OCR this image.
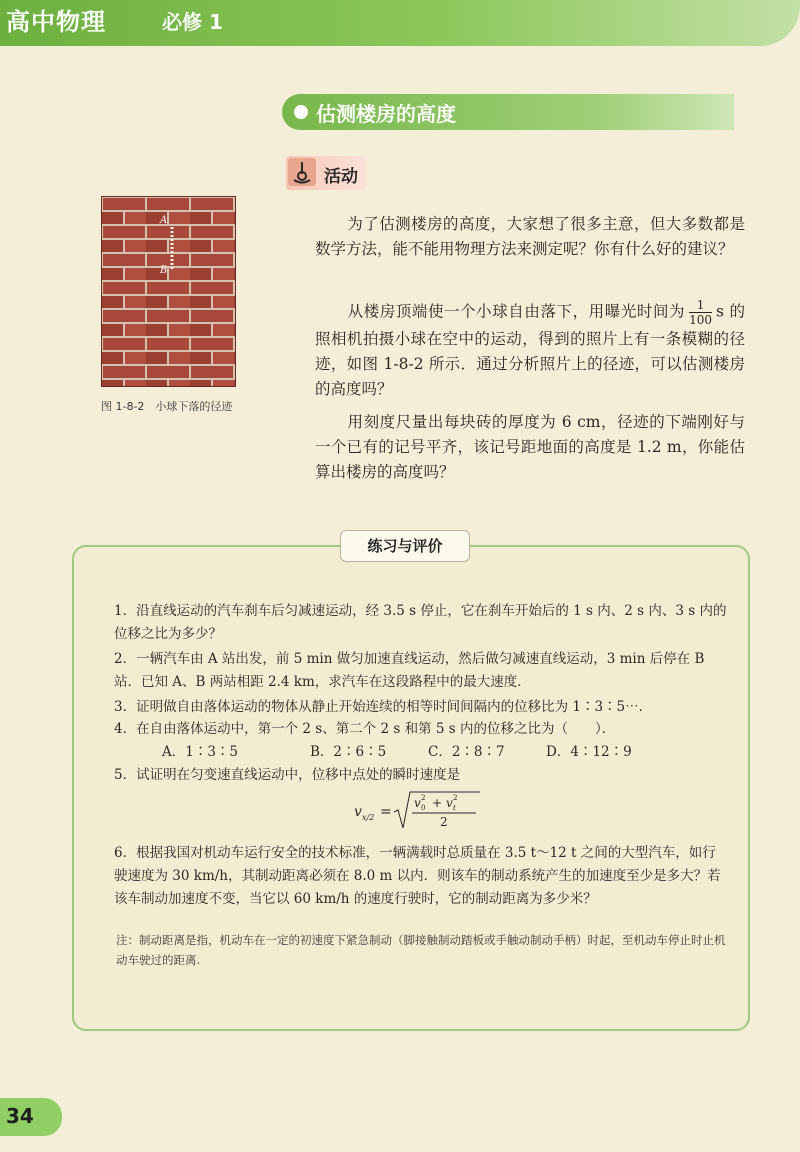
高中物理	必修 1
估测楼房的高度
活动
A
B
图 1-8-2　小球下落的径迹
为了估测楼房的高度，大家想了很多主意，但大多数都是数学方法，能不能用物理方法来测定呢？你有什么好的建议？
从楼房顶端使一个小球自由落下，用曝光时间为 $\frac{1}{100}$ s 的照相机拍摄小球在空中的运动，得到的照片上有一条模糊的径迹，如图 1-8-2 所示．通过分析照片上的径迹，可以估测楼房的高度吗？
用刻度尺量出每块砖的厚度为 6 cm，径迹的下端刚好与一个已有的记号平齐，该记号距地面的高度是 1.2 m，你能估算出楼房的高度吗？
练习与评价
1．沿直线运动的汽车刹车后匀减速运动，经 3.5 s 停止，它在刹车开始后的 1 s 内、2 s 内、3 s 内的位移之比为多少？
2．一辆汽车由 A 站出发，前 5 min 做匀加速直线运动，然后做匀减速直线运动，3 min 后停在 B 站．已知 A、B 两站相距 2.4 km，求汽车在这段路程中的最大速度．
3．证明做自由落体运动的物体从静止开始连续的相等时间间隔内的位移比为 1∶3∶5⋯．
4．在自由落体运动中，第一个 2 s、第二个 2 s 和第 5 s 内的位移之比为（　　）．
A．1∶3∶5	B．2∶6∶5	C．2∶8∶7	D．4∶12∶9
5．试证明在匀变速直线运动中，位移中点处的瞬时速度是
v x/2 =
v 0
2 + v t
2
2
6．根据我国对机动车运行安全的技术标准，一辆满载时总质量在 3.5 t～12 t 之间的大型汽车，如行驶速度为 30 km/h，其制动距离必须在 8.0 m 以内．则该车的制动系统产生的加速度至少是多大？若该车制动加速度不变，当它以 60 km/h 的速度行驶时，它的制动距离为多少米？
注：制动距离是指，机动车在一定的初速度下紧急制动（脚接触制动踏板或手触动制动手柄）时起，至机动车停止时止机动车驶过的距离.
34
